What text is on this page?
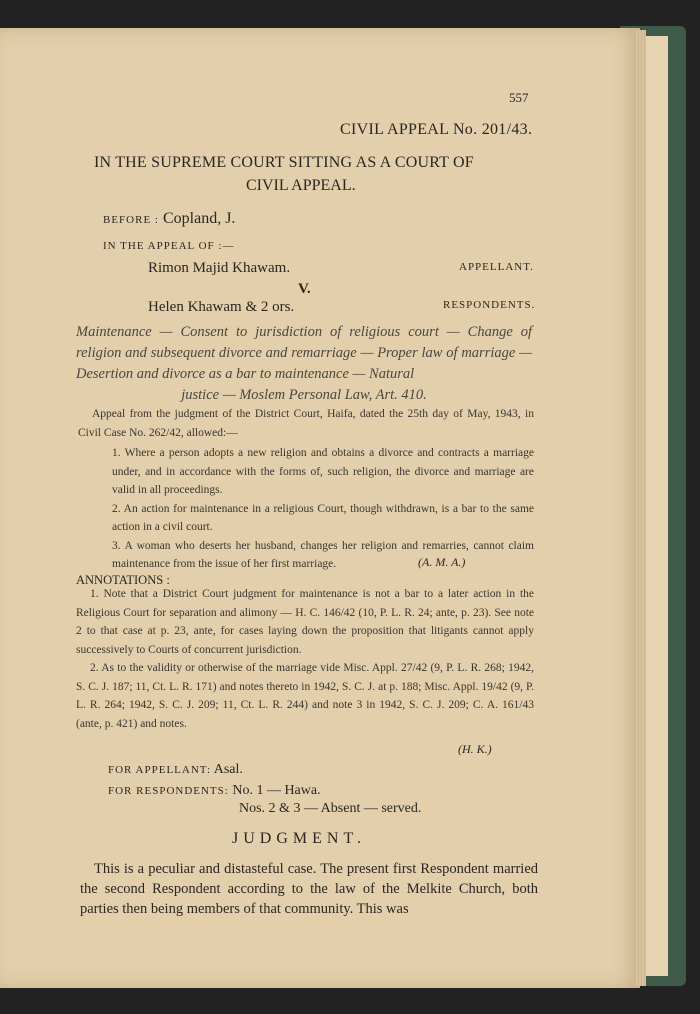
557
CIVIL APPEAL No. 201/43.
IN THE SUPREME COURT SITTING AS A COURT OF
CIVIL APPEAL.
BEFORE : Copland, J.
IN THE APPEAL OF :—
Rimon Majid Khawam.	APPELLANT.
V.
Helen Khawam & 2 ors.	RESPONDENTS.
Maintenance — Consent to jurisdiction of religious court — Change of religion and subsequent divorce and remarriage — Proper law of marriage — Desertion and divorce as a bar to maintenance — Natural
justice — Moslem Personal Law, Art. 410.
Appeal from the judgment of the District Court, Haifa, dated the 25th day of May, 1943, in Civil Case No. 262/42, allowed:—

1. Where a person adopts a new religion and obtains a divorce and contracts a marriage under, and in accordance with the forms of, such religion, the divorce and marriage are valid in all proceedings.

2. An action for maintenance in a religious Court, though withdrawn, is a bar to the same action in a civil court.

3. A woman who deserts her husband, changes her religion and remarries, cannot claim maintenance from the issue of her first marriage.	(A. M. A.)
ANNOTATIONS :

1. Note that a District Court judgment for maintenance is not a bar to a later action in the Religious Court for separation and alimony — H. C. 146/42 (10, P. L. R. 24; ante, p. 23). See note 2 to that case at p. 23, ante, for cases laying down the proposition that litigants cannot apply successively to Courts of concurrent jurisdiction.

2. As to the validity or otherwise of the marriage vide Misc. Appl. 27/42 (9, P. L. R. 268; 1942, S. C. J. 187; 11, Ct. L. R. 171) and notes thereto in 1942, S. C. J. at p. 188; Misc. Appl. 19/42 (9, P. L. R. 264; 1942, S. C. J. 209; 11, Ct. L. R. 244) and note 3 in 1942, S. C. J. 209; C. A. 161/43 (ante, p. 421) and notes.

(H. K.)
FOR APPELLANT: Asal.
FOR RESPONDENTS: No. 1 — Hawa.
Nos. 2 & 3 — Absent — served.
JUDGMENT.

This is a peculiar and distasteful case. The present first Respondent married the second Respondent according to the law of the Melkite Church, both parties then being members of that community. This was
